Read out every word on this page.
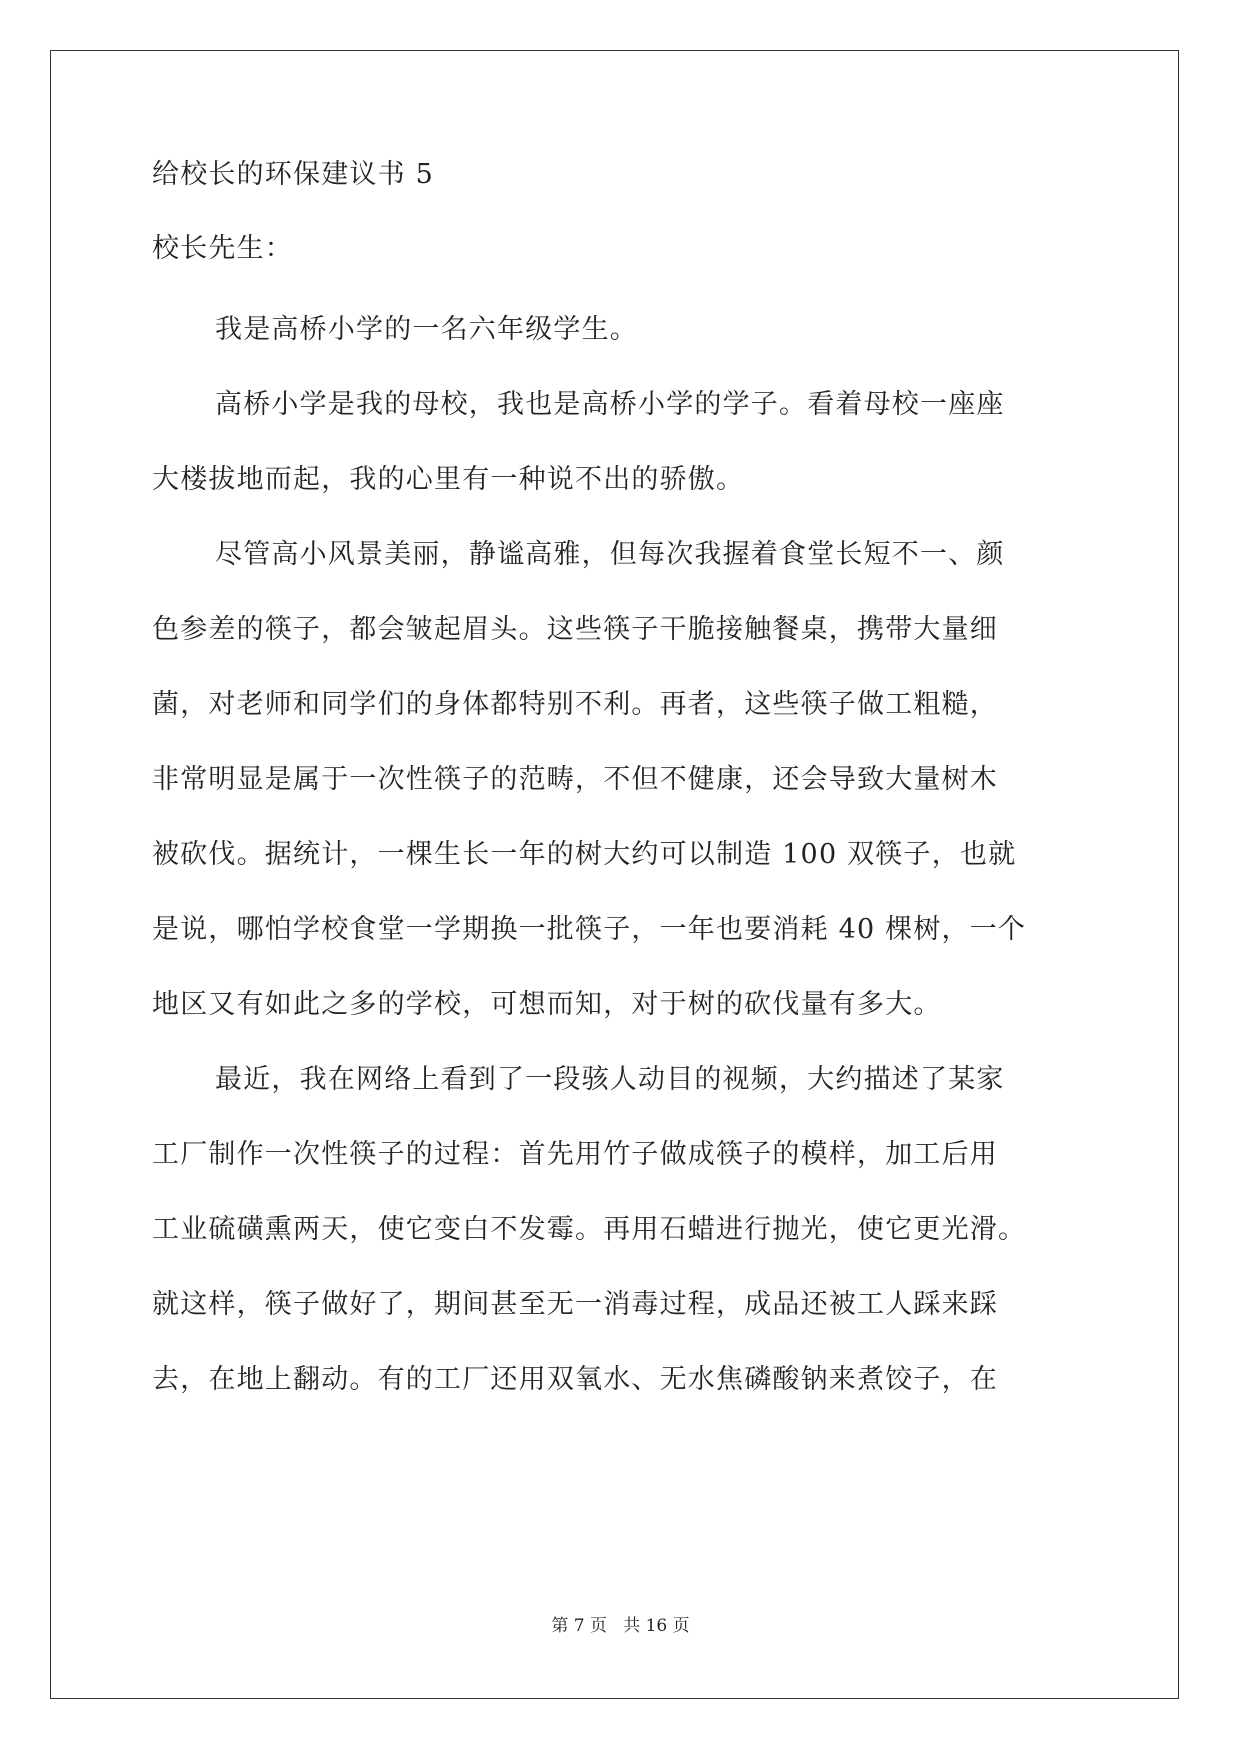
给校长的环保建议书 5
校长先生：
我是高桥小学的一名六年级学生。
高桥小学是我的母校，我也是高桥小学的学子。看着母校一座座
大楼拔地而起，我的心里有一种说不出的骄傲。
尽管高小风景美丽，静谧高雅，但每次我握着食堂长短不一、颜
色参差的筷子，都会皱起眉头。这些筷子干脆接触餐桌，携带大量细
菌，对老师和同学们的身体都特别不利。再者，这些筷子做工粗糙，
非常明显是属于一次性筷子的范畴，不但不健康，还会导致大量树木
被砍伐。据统计，一棵生长一年的树大约可以制造 100 双筷子，也就
是说，哪怕学校食堂一学期换一批筷子，一年也要消耗 40 棵树，一个
地区又有如此之多的学校，可想而知，对于树的砍伐量有多大。
最近，我在网络上看到了一段骇人动目的视频，大约描述了某家
工厂制作一次性筷子的过程：首先用竹子做成筷子的模样，加工后用
工业硫磺熏两天，使它变白不发霉。再用石蜡进行抛光，使它更光滑。
就这样，筷子做好了，期间甚至无一消毒过程，成品还被工人踩来踩
去，在地上翻动。有的工厂还用双氧水、无水焦磷酸钠来煮饺子，在
第 7 页   共 16 页
